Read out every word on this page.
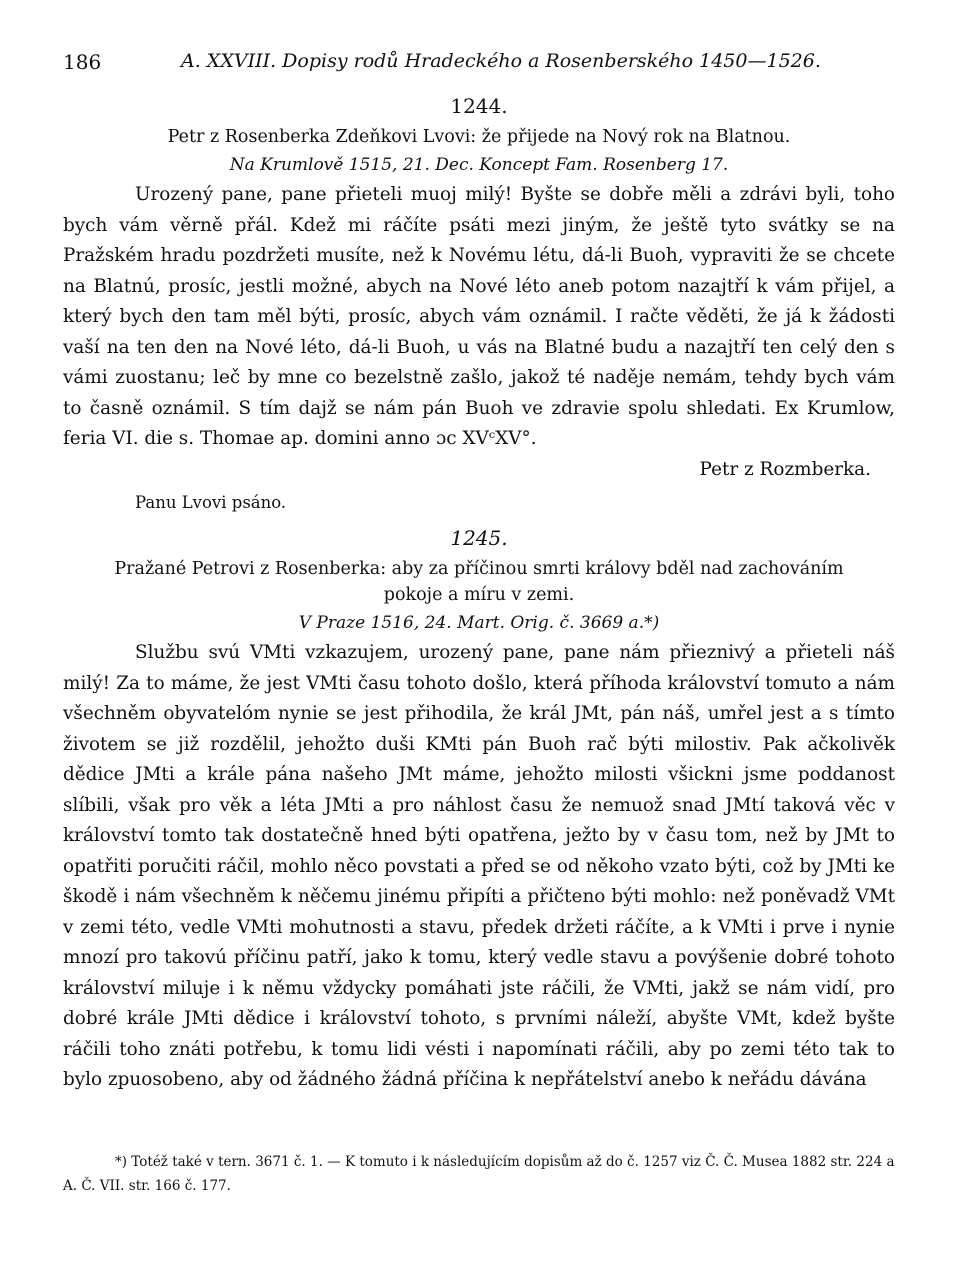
186	A. XXVIII. Dopisy rodů Hradeckého a Rosenberského 1450—1526.
1244.
Petr z Rosenberka Zdeňkovi Lvovi: že přijede na Nový rok na Blatnou.
Na Krumlově 1515, 21. Dec. Koncept Fam. Rosenberg 17.

Urozený pane, pane přieteli muoj milý! Byšte se dobře měli a zdrávi byli, toho bych vám věrně přál. Kdež mi ráčíte psáti mezi jiným, že ještě tyto svátky se na Pražském hradu pozdržeti musíte, než k Novému létu, dá-li Buoh, vypraviti že se chcete na Blatnú, prosíc, jestli možné, abych na Nové léto aneb potom nazajtří k vám přijel, a který bych den tam měl býti, prosíc, abych vám oznámil. I račte věděti, že já k žádosti vaší na ten den na Nové léto, dá-li Buoh, u vás na Blatné budu a nazajtří ten celý den s vámi zuostanu; leč by mne co bezelstně zašlo, jakož té naděje nemám, tehdy bych vám to časně oznámil. S tím dajž se nám pán Buoh ve zdravie spolu shledati. Ex Krumlow, feria VI. die s. Thomae ap. domini anno ɔc XVᶜXV°.

Petr z Rozmberka.
Panu Lvovi psáno.
1245.
Pražané Petrovi z Rosenberka: aby za příčinou smrti královy bděl nad zachováním pokoje a míru v zemi.
V Praze 1516, 24. Mart. Orig. č. 3669 a.*)

Službu svú VMti vzkazujem, urozený pane, pane nám přieznivý a přieteli náš milý! Za to máme, že jest VMti času tohoto došlo, která příhoda království tomuto a nám všechněm obyvatelóm nynie se jest přihodila, že král JMt, pán náš, umřel jest a s tímto životem se již rozdělil, jehožto duši KMti pán Buoh rač býti milostiv. Pak ačkolivěk dědice JMti a krále pána našeho JMt máme, jehožto milosti všickni jsme poddanost slíbili, však pro věk a léta JMti a pro náhlost času že nemuož snad JMtí taková věc v království tomto tak dostatečně hned býti opatřena, ježto by v času tom, než by JMt to opatřiti poručiti ráčil, mohlo něco povstati a před se od někoho vzato býti, což by JMti ke škodě i nám všechněm k něčemu jinému připíti a přičteno býti mohlo: než poněvadž VMt v zemi této, vedle VMti mohutnosti a stavu, předek držeti ráčíte, a k VMti i prve i nynie mnozí pro takovú příčinu patří, jako k tomu, který vedle stavu a povýšenie dobré tohoto království miluje i k němu vždycky pomáhati jste ráčili, že VMti, jakž se nám vidí, pro dobré krále JMti dědice i království tohoto, s prvními náleží, abyšte VMt, kdež byšte ráčili toho znáti potřebu, k tomu lidi vésti i napomínati ráčili, aby po zemi této tak to bylo zpuosobeno, aby od žádného žádná příčina k nepřátelství anebo k neřádu dávána

*) Totéž také v tern. 3671 č. 1. — K tomuto i k následujícím dopisům až do č. 1257 viz Č. Č. Musea 1882 str. 224 a A. Č. VII. str. 166 č. 177.
